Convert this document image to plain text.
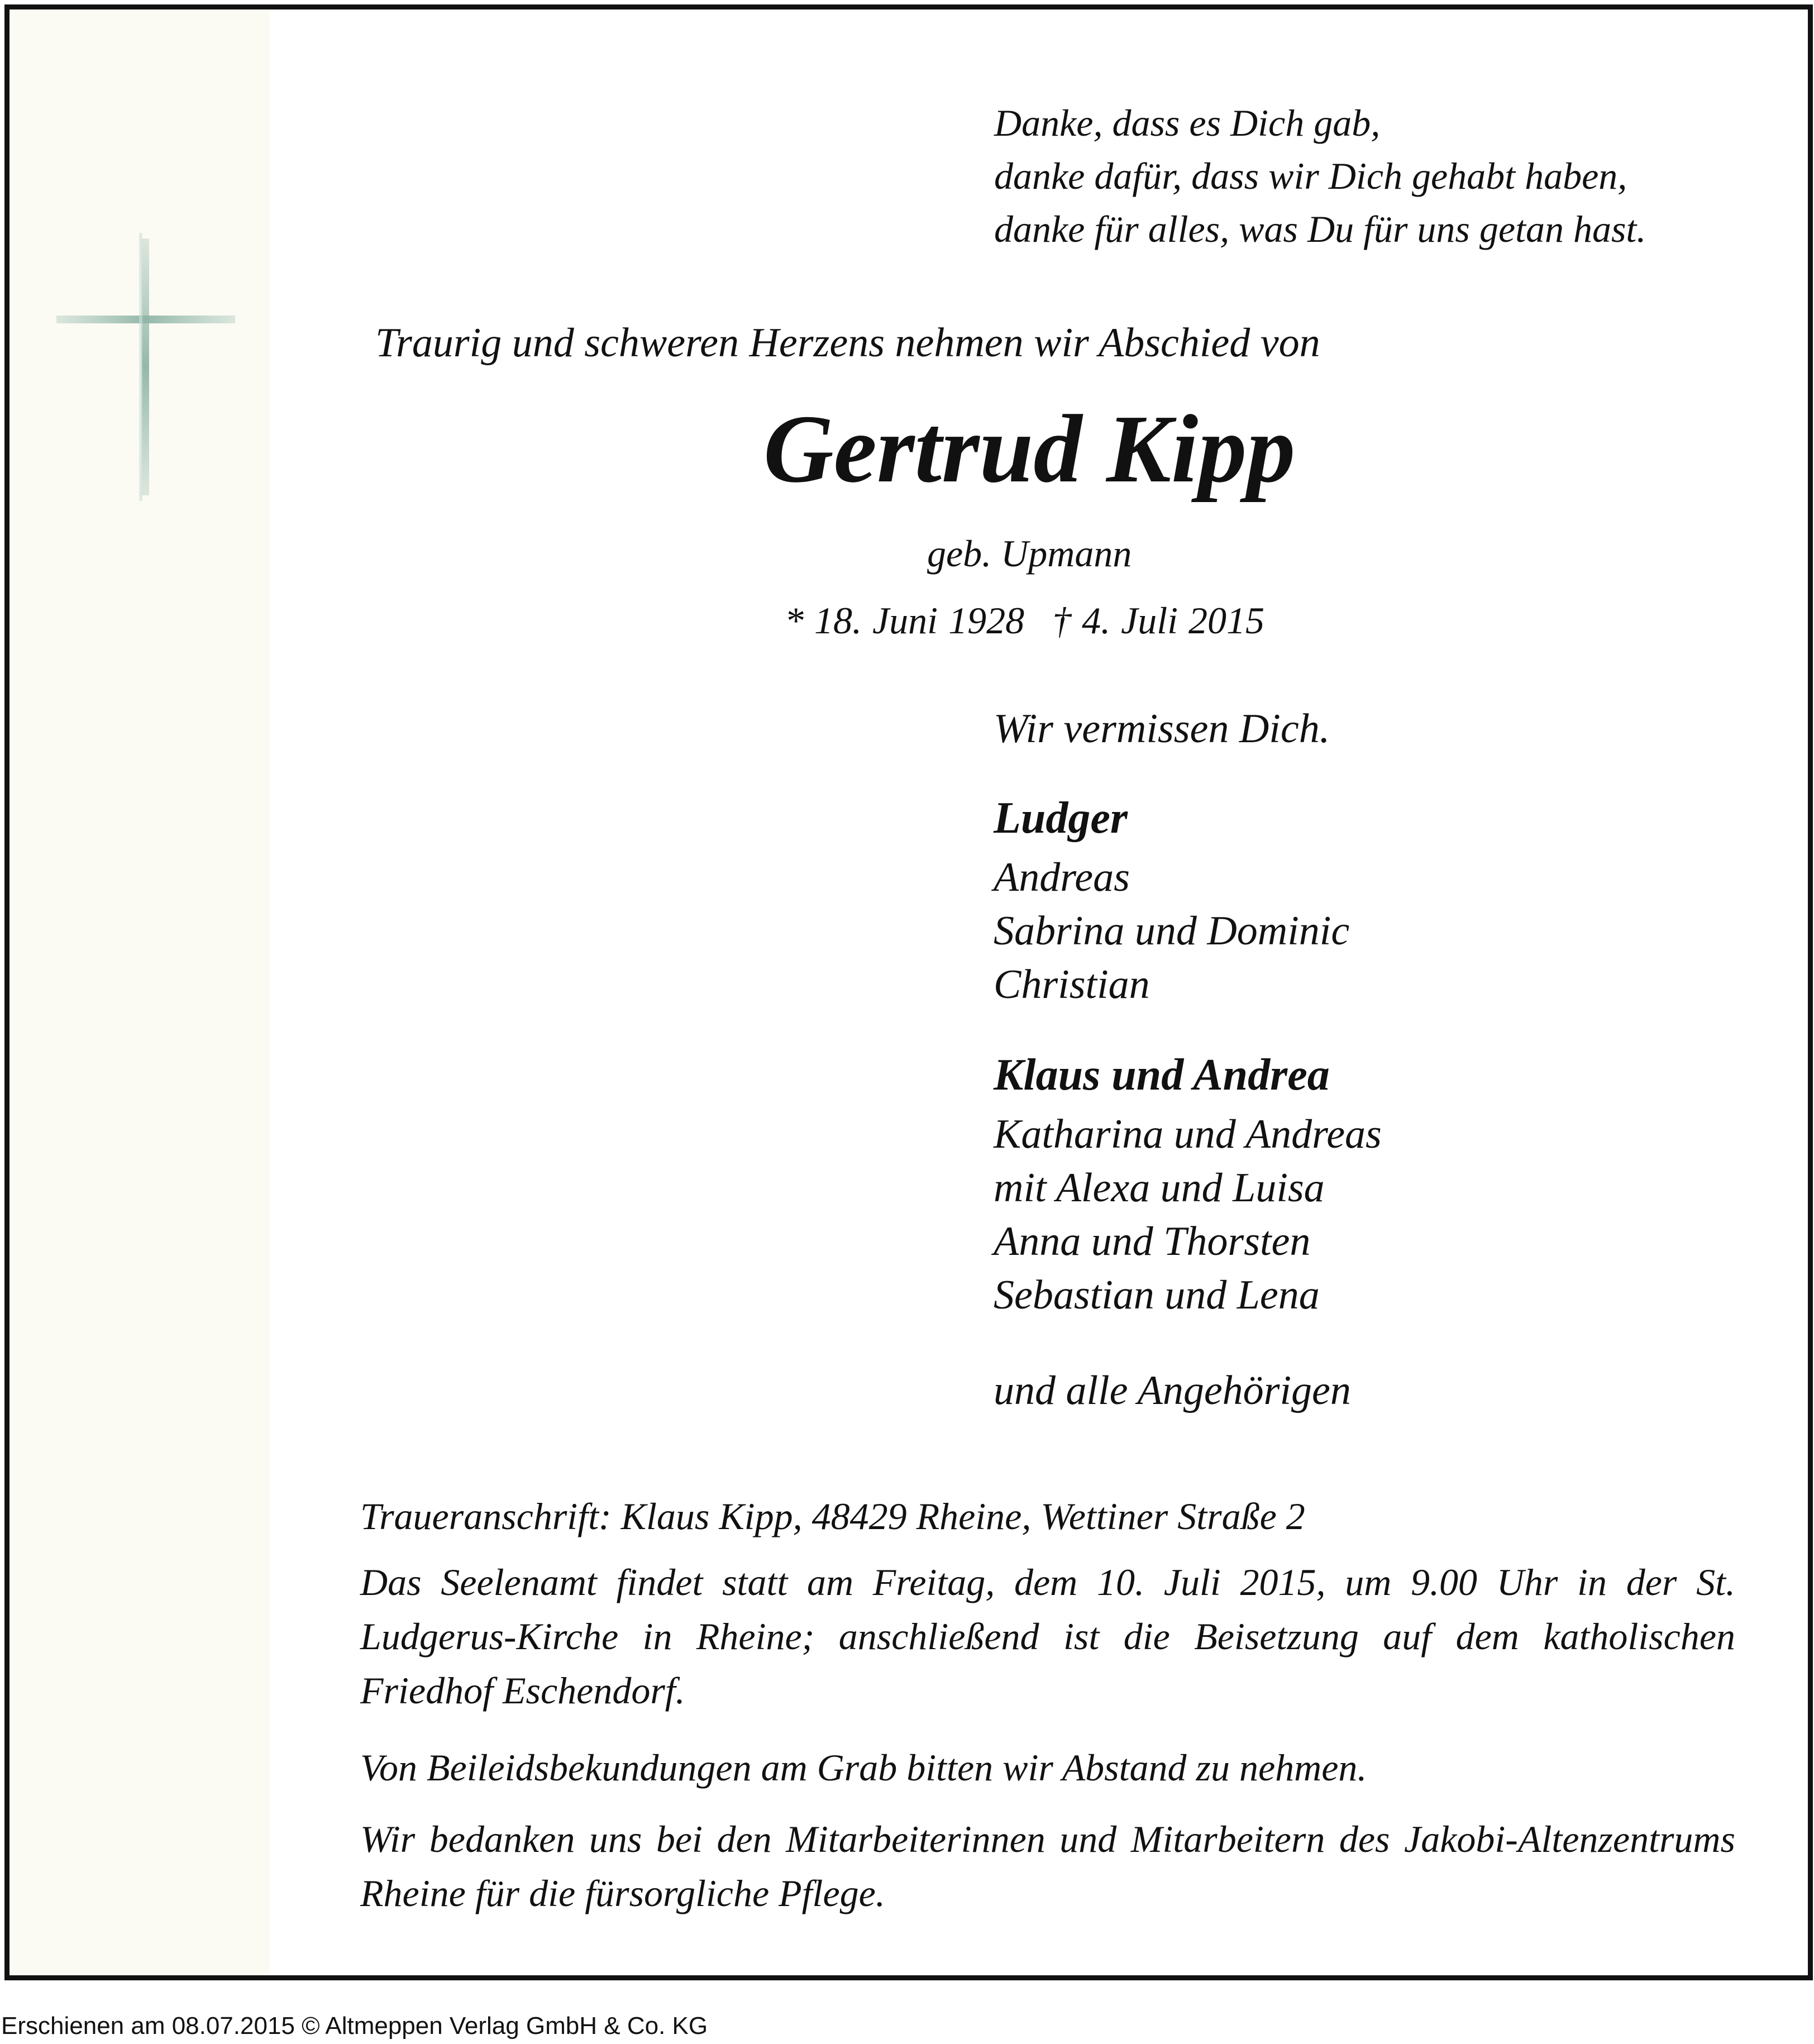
Danke, dass es Dich gab,
danke dafür, dass wir Dich gehabt haben,
danke für alles, was Du für uns getan hast.

Traurig und schweren Herzens nehmen wir Abschied von

Gertrud Kipp

geb. Upmann

* 18. Juni 1928 † 4. Juli 2015

Wir vermissen Dich.
Ludger
Andreas
Sabrina und Dominic
Christian
Klaus und Andrea
Katharina und Andreas
mit Alexa und Luisa
Anna und Thorsten
Sebastian und Lena
und alle Angehörigen
Traueranschrift: Klaus Kipp, 48429 Rheine, Wettiner Straße 2
Das Seelenamt findet statt am Freitag, dem 10. Juli 2015, um 9.00 Uhr in der St. Ludgerus-Kirche in Rheine; anschließend ist die Beisetzung auf dem katholischen Friedhof Eschendorf.
Von Beileidsbekundungen am Grab bitten wir Abstand zu nehmen.
Wir bedanken uns bei den Mitarbeiterinnen und Mitarbeitern des Jakobi-Altenzentrums Rheine für die fürsorgliche Pflege.
Erschienen am 08.07.2015 © Altmeppen Verlag GmbH & Co. KG
